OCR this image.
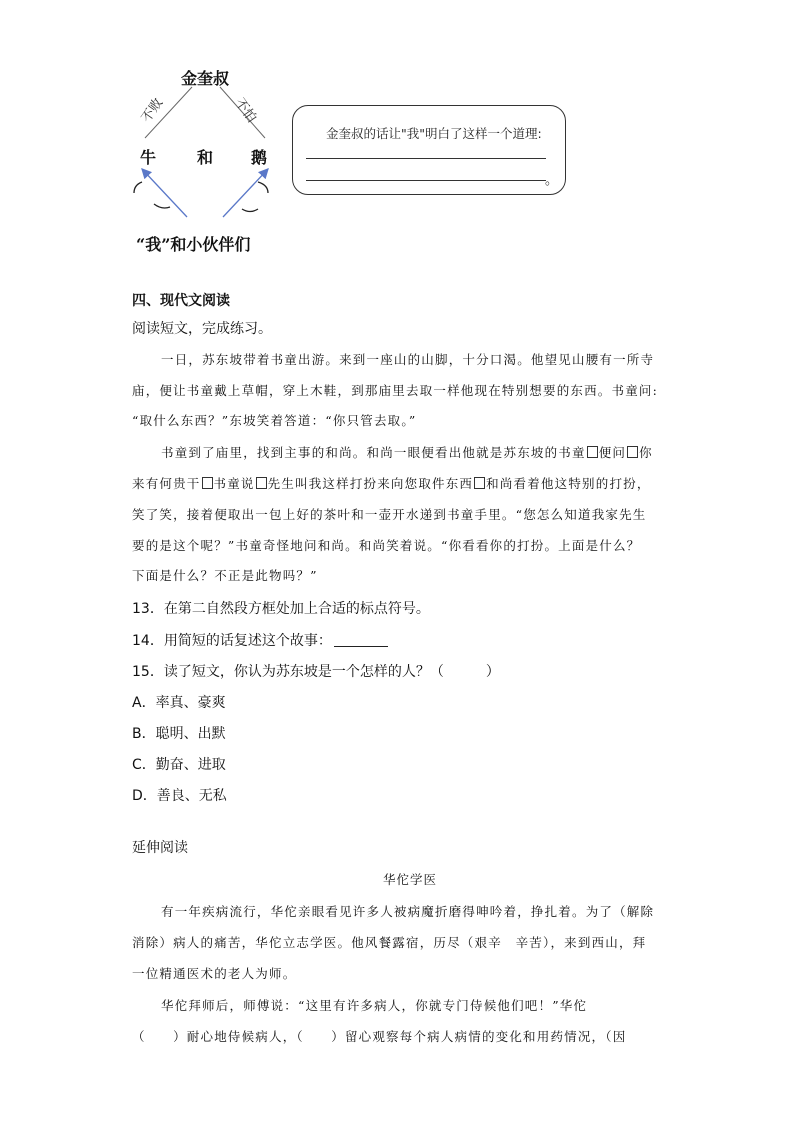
金奎叔
不败	不怕
牛	和 鹅
“我”和小伙伴们
金奎叔的话让"我"明白了这样一个道理:
。
四、现代文阅读
阅读短文，完成练习。
一日，苏东坡带着书童出游。来到一座山的山脚，十分口渴。他望见山腰有一所寺
庙，便让书童戴上草帽，穿上木鞋，到那庙里去取一样他现在特别想要的东西。书童问:
“取什么东西？”东坡笑着答道：“你只管去取。”
书童到了庙里，找到主事的和尚。和尚一眼便看出他就是苏东坡的书童 便问 你
来有何贵干 书童说 先生叫我这样打扮来向您取件东西 和尚看着他这特别的打扮，
笑了笑，接着便取出一包上好的茶叶和一壶开水递到书童手里。“您怎么知道我家先生
要的是这个呢？”书童奇怪地问和尚。和尚笑着说。“你看看你的打扮。上面是什么？
下面是什么？不正是此物吗？”
13．在第二自然段方框处加上合适的标点符号。
14．用简短的话复述这个故事：
15．读了短文，你认为苏东坡是一个怎样的人？（　　　）
A．率真、豪爽
B．聪明、出默
C．勤奋、进取
D．善良、无私
延伸阅读
华佗学医
有一年疾病流行，华佗亲眼看见许多人被病魔折磨得呻吟着，挣扎着。为了（解除
消除）病人的痛苦，华佗立志学医。他风餐露宿，历尽（艰辛　辛苦），来到西山，拜
一位精通医术的老人为师。
华佗拜师后，师傅说：“这里有许多病人，你就专门侍候他们吧！”华佗
（　　）耐心地侍候病人，（　　）留心观察每个病人病情的变化和用药情况，（因
